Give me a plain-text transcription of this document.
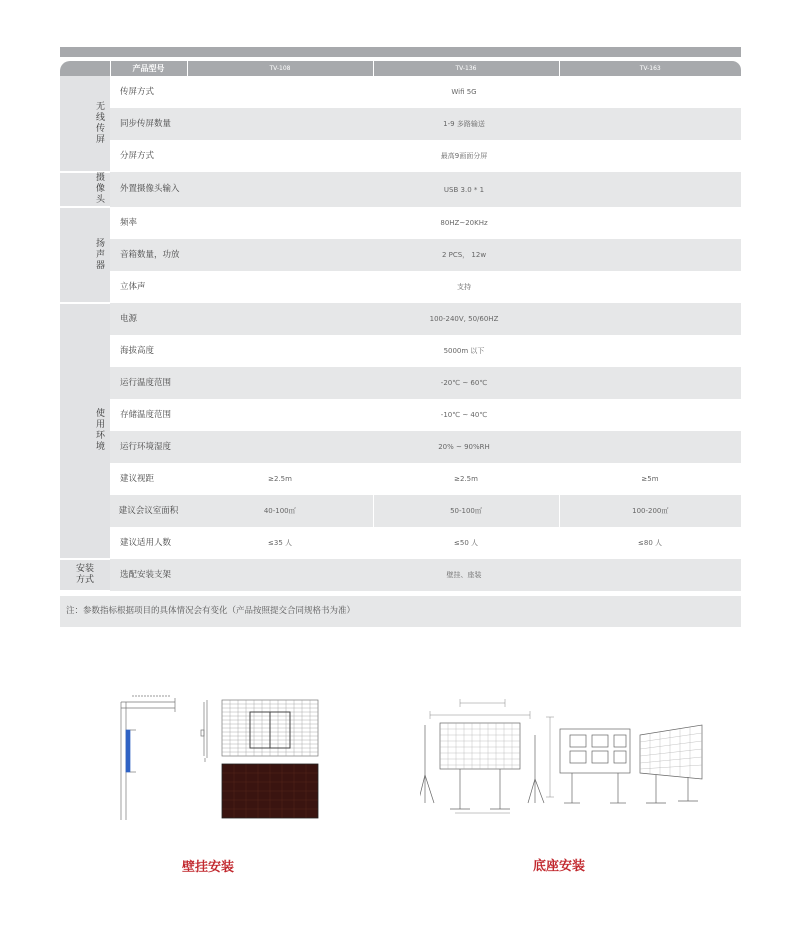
	产品型号	TV-108	TV-136	TV-163

无
线
传
屏	传屏方式	Wifi 5G		
	同步传屏数量	1-9 多路输送		
	分屏方式	最高9画面分屏		

摄
像
头	外置摄像头输入	USB 3.0 * 1		

扬
声
器	频率	80HZ~20KHz		
	音箱数量，功放	2 PCS， 12w		
	立体声	支持		

使
用
环
境	电源	100-240V, 50/60HZ		
	海拔高度	5000m 以下		
	运行温度范围	-20℃ ~ 60℃		
	存储温度范围	-10℃ ~ 40℃		
	运行环境湿度	20% ~ 90%RH		
	建议视距	≥2.5m	≥2.5m	≥5m
	建议会议室面积	40-100㎡	50-100㎡	100-200㎡
	建议适用人数	≤35 人	≤50 人	≤80 人

安装
方式	选配安装支架	壁挂、座装		
注：参数指标根据项目的具体情况会有变化（产品按照提交合同规格书为准）
壁挂安装	底座安装
